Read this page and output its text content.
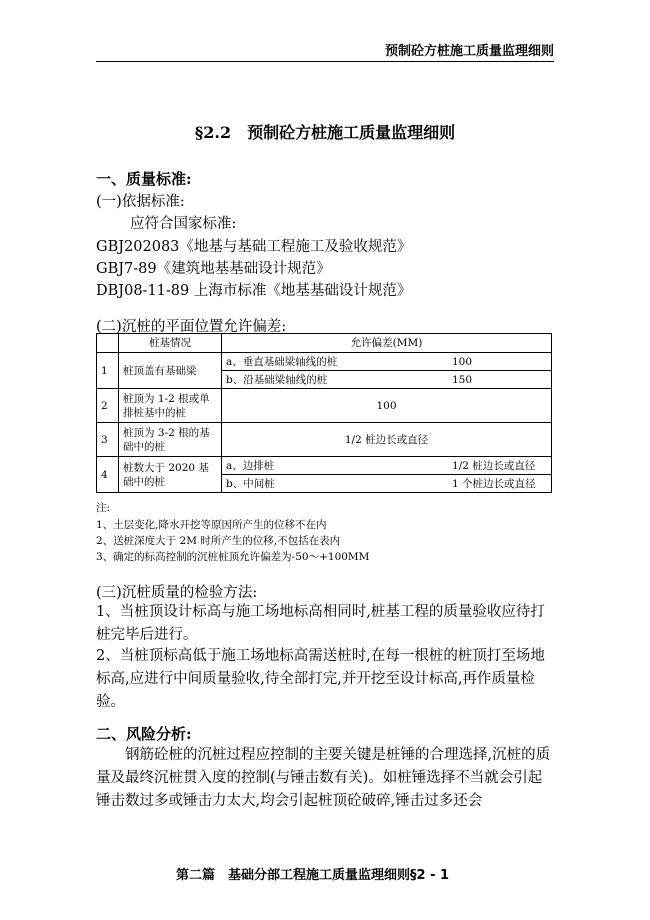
预制砼方桩施工质量监理细则
§2.2　预制砼方桩施工质量监理细则
一、质量标准:
(一)依据标准:
应符合国家标准:
GBJ202083《地基与基础工程施工及验收规范》
GBJ7-89《建筑地基基础设计规范》
DBJ08-11-89 上海市标准《地基基础设计规范》
(二)沉桩的平面位置允许偏差:
	桩基情况	允许偏差(MM)
1	桩顶盖有基础梁	a、垂直基础梁轴线的桩 100

		b、沿基础梁轴线的桩 150

2	桩顶为 1-2 根或单排桩基中的桩	100
3	桩顶为 3-2 根的基础中的桩	1/2 桩边长或直径
4	桩数大于 2020 基础中的桩	a、边排桩 1/2 桩边长或直径

		b、中间桩 1 个桩边长或直径
注:
1、土层变化,降水开挖等原因所产生的位移不在内
2、送桩深度大于 2M 时所产生的位移,不包括在表内
3、确定的标高控制的沉桩桩顶允许偏差为-50～+100MM
(三)沉桩质量的检验方法:
1、当桩顶设计标高与施工场地标高相同时,桩基工程的质量验收应待打桩完毕后进行。
2、当桩顶标高低于施工场地标高需送桩时,在每一根桩的桩顶打至场地标高,应进行中间质量验收,待全部打完,并开挖至设计标高,再作质量检验。
二、风险分析:
钢筋砼桩的沉桩过程应控制的主要关键是桩锤的合理选择,沉桩的质量及最终沉桩贯入度的控制(与锤击数有关)。如桩锤选择不当就会引起锤击数过多或锤击力太大,均会引起桩顶砼破碎,锤击过多还会
第二篇　基础分部工程施工质量监理细则§2 - 1
